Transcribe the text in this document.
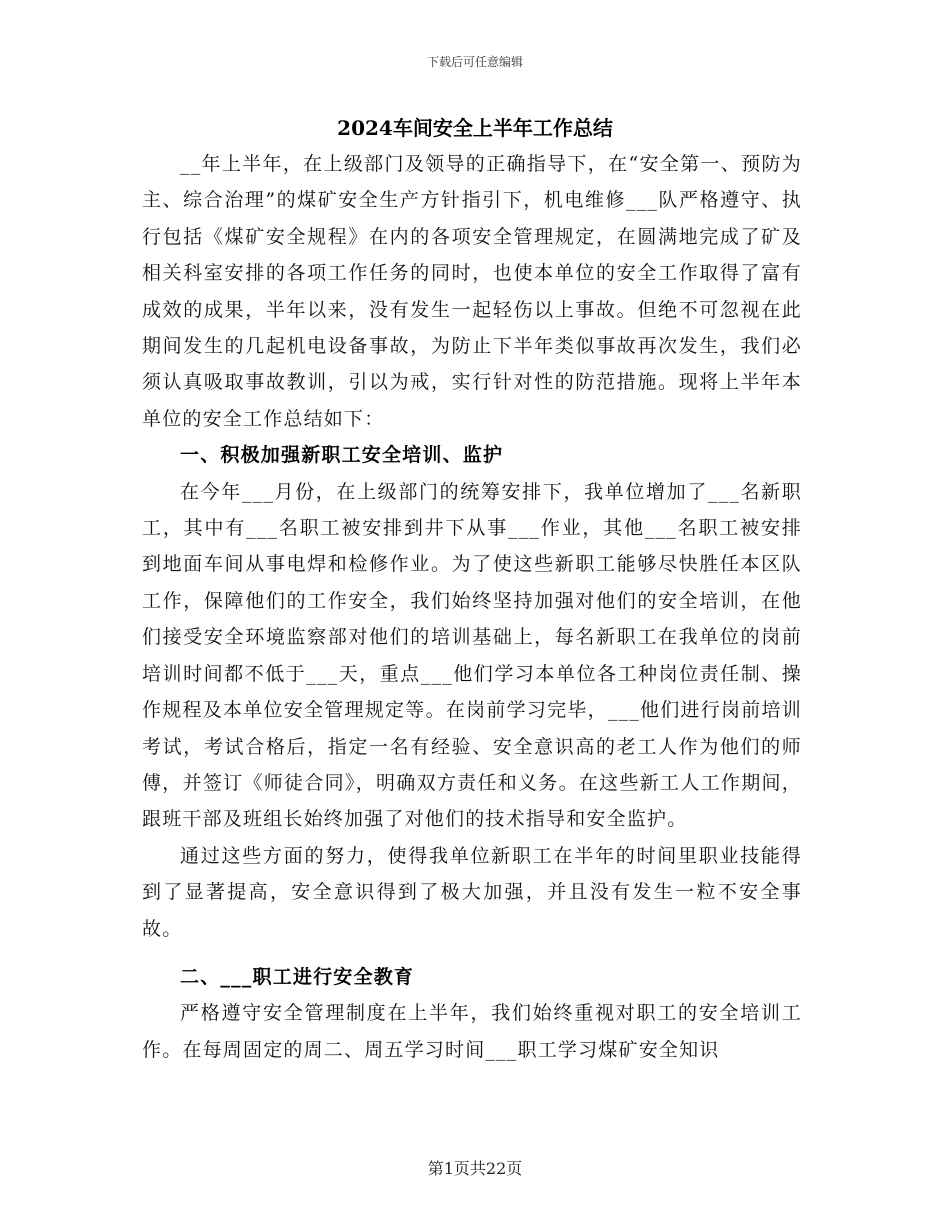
下载后可任意编辑
2024车间安全上半年工作总结

__年上半年，在上级部门及领导的正确指导下，在“安全第一、预防为主、综合治理”的煤矿安全生产方针指引下，机电维修___队严格遵守、执行包括《煤矿安全规程》在内的各项安全管理规定，在圆满地完成了矿及相关科室安排的各项工作任务的同时，也使本单位的安全工作取得了富有成效的成果，半年以来，没有发生一起轻伤以上事故。但绝不可忽视在此期间发生的几起机电设备事故，为防止下半年类似事故再次发生，我们必须认真吸取事故教训，引以为戒，实行针对性的防范措施。现将上半年本单位的安全工作总结如下：

一、积极加强新职工安全培训、监护

在今年___月份，在上级部门的统筹安排下，我单位增加了___名新职工，其中有___名职工被安排到井下从事___作业，其他___名职工被安排到地面车间从事电焊和检修作业。为了使这些新职工能够尽快胜任本区队工作，保障他们的工作安全，我们始终坚持加强对他们的安全培训，在他们接受安全环境监察部对他们的培训基础上，每名新职工在我单位的岗前培训时间都不低于___天，重点___他们学习本单位各工种岗位责任制、操作规程及本单位安全管理规定等。在岗前学习完毕，___他们进行岗前培训考试，考试合格后，指定一名有经验、安全意识高的老工人作为他们的师傅，并签订《师徒合同》，明确双方责任和义务。在这些新工人工作期间，跟班干部及班组长始终加强了对他们的技术指导和安全监护。

通过这些方面的努力，使得我单位新职工在半年的时间里职业技能得到了显著提高，安全意识得到了极大加强，并且没有发生一粒不安全事故。

二、___职工进行安全教育

严格遵守安全管理制度在上半年，我们始终重视对职工的安全培训工作。在每周固定的周二、周五学习时间___职工学习煤矿安全知识

第1页共22页
